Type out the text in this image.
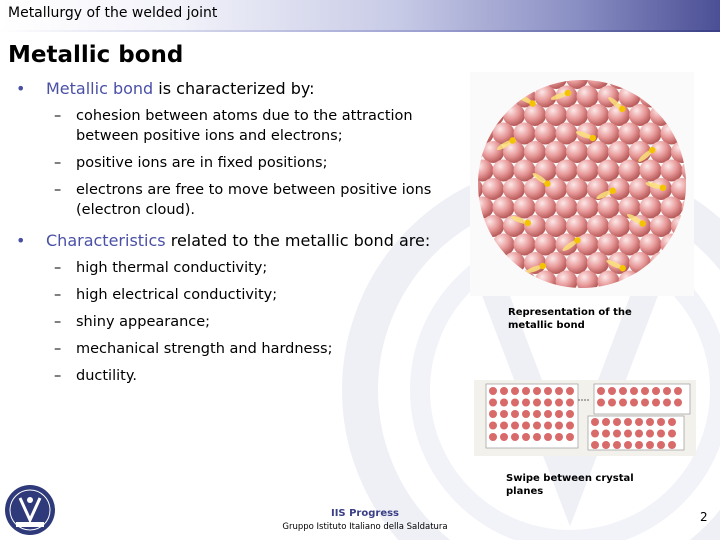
Metallurgy of the welded joint
Metallic bond
• Metallic bond is characterized by:
– cohesion between atoms due to the attraction between positive ions and electrons;
– positive ions are in fixed positions;
– electrons are free to move between positive ions (electron cloud).
• Characteristics related to the metallic bond are:
– high thermal conductivity;
– high electrical conductivity;
– shiny appearance;
– mechanical strength and hardness;
– ductility.
Representation of the
metallic bond
Swipe between crystal
planes
IIS Progress
Gruppo Istituto Italiano della Saldatura
2
